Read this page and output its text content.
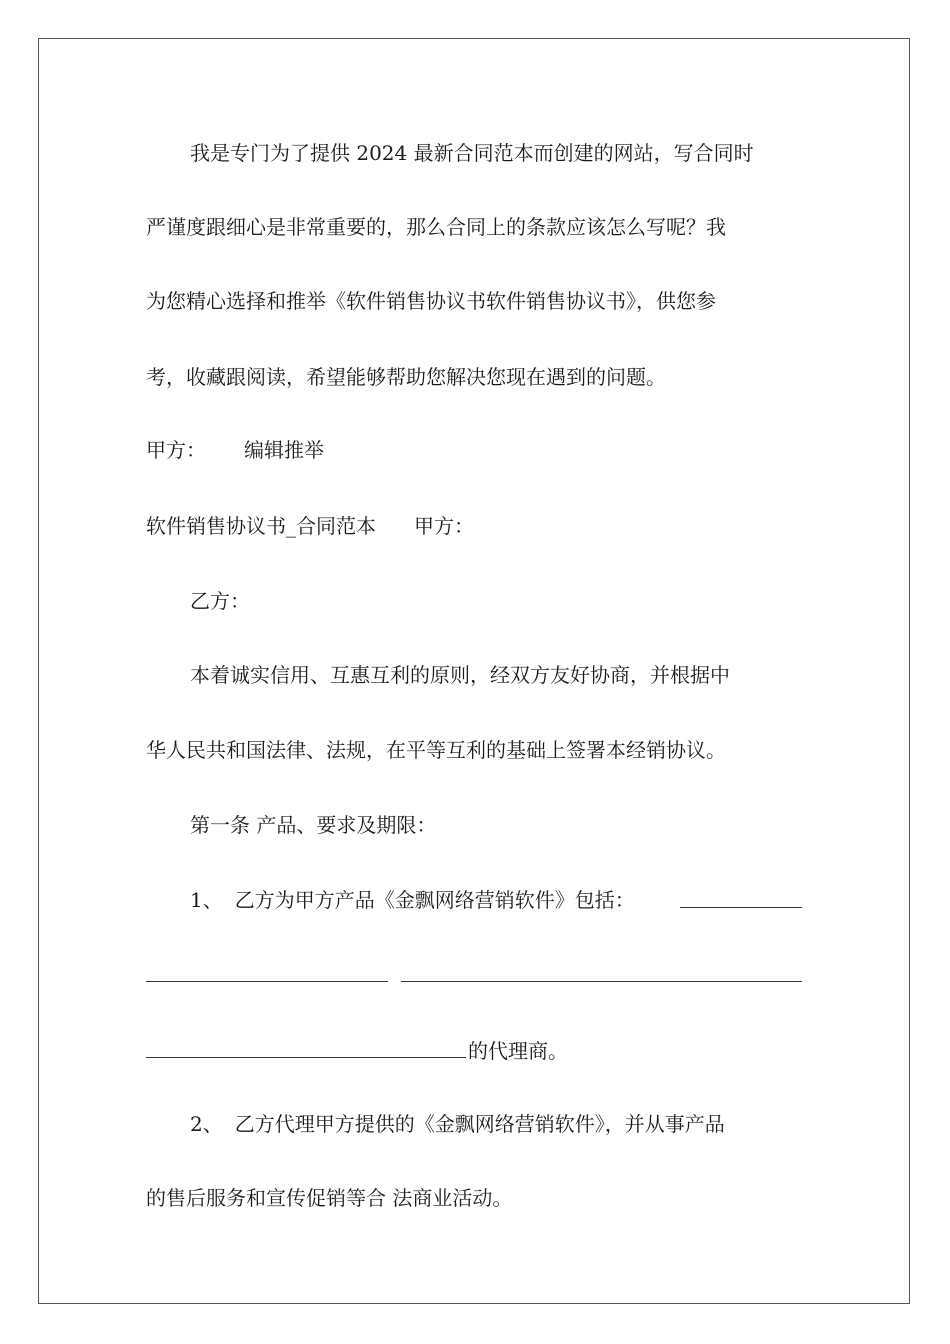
我是专门为了提供 2024 最新合同范本而创建的网站，写合同时
严谨度跟细心是非常重要的，那么合同上的条款应该怎么写呢？我
为您精心选择和推举《软件销售协议书软件销售协议书》，供您参
考，收藏跟阅读，希望能够帮助您解决您现在遇到的问题。
甲方： 编辑推举
软件销售协议书_合同范本 甲方：
乙方：
本着诚实信用、互惠互利的原则，经双方友好协商，并根据中
华人民共和国法律、法规，在平等互利的基础上签署本经销协议。
第一条 产品、要求及期限：
1、 乙方为甲方产品《金飘网络营销软件》包括：
的代理商。
2、 乙方代理甲方提供的《金飘网络营销软件》，并从事产品
的售后服务和宣传促销等合 法商业活动。
